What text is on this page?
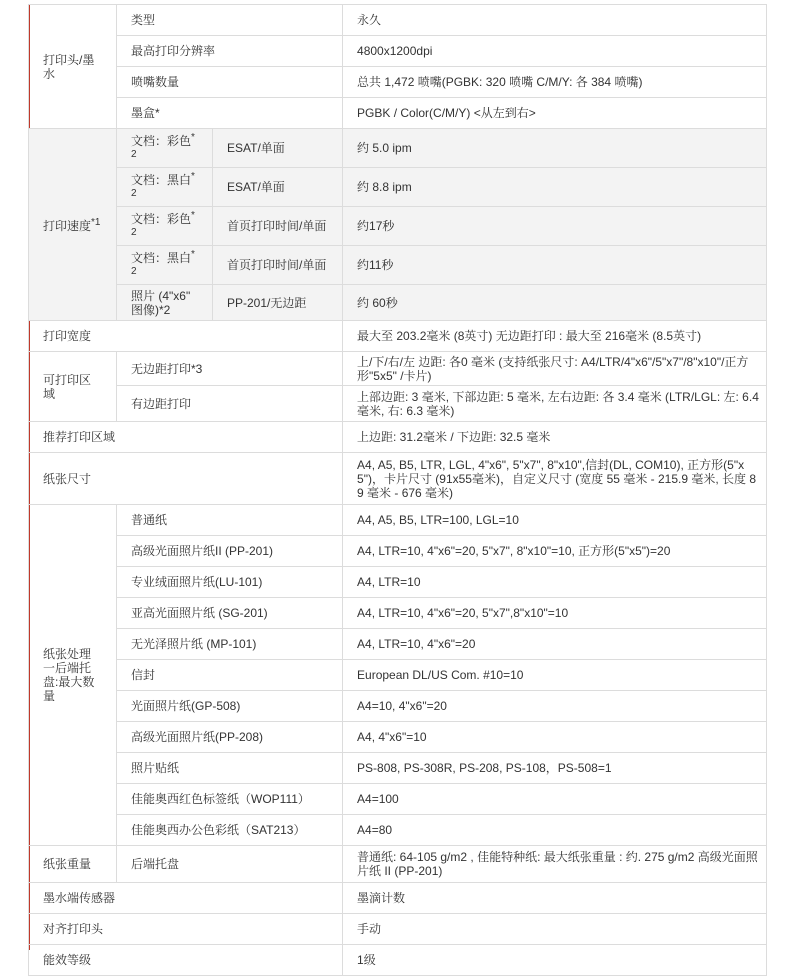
打印头/墨水	类型		永久
	最高打印分辨率		4800x1200dpi
	喷嘴数量		总共 1,472 喷嘴(PGBK: 320 喷嘴 C/M/Y: 各 384 喷嘴)
	墨盒*		PGBK / Color(C/M/Y) <从左到右>
打印速度$^{*1}$	文档：彩色$^{*2}$	ESAT/单面	约 5.0 ipm
	文档：黑白$^{*2}$	ESAT/单面	约 8.8 ipm
	文档：彩色$^{*2}$	首页打印时间/单面	约17秒
	文档：黑白$^{*2}$	首页打印时间/单面	约11秒
	照片 (4"x6" 图像)*2	PP-201/无边距	约 60秒
打印宽度			最大至 203.2毫米 (8英寸) 无边距打印 : 最大至 216毫米 (8.5英寸)
可打印区域	无边距打印*3		上/下/右/左 边距: 各0 毫米 (支持纸张尺寸: A4/LTR/4"x6"/5"x7"/8"x10"/正方形"5x5" /卡片)
	有边距打印		上部边距: 3 毫米, 下部边距: 5 毫米, 左右边距: 各 3.4 毫米 (LTR/LGL: 左: 6.4 毫米, 右: 6.3 毫米)
推荐打印区域			上边距: 31.2毫米 / 下边距: 32.5 毫米
纸张尺寸			A4, A5, B5, LTR, LGL, 4"x6", 5"x7", 8"x10",信封(DL, COM10), 正方形(5"x5")，卡片尺寸 (91x55毫米)，自定义尺寸 (宽度 55 毫米 - 215.9 毫米, 长度 89 毫米 - 676 毫米)
纸张处理一后端托盘:最大数量	普通纸		A4, A5, B5, LTR=100, LGL=10
	高级光面照片纸II (PP-201)		A4, LTR=10, 4"x6"=20, 5"x7", 8"x10"=10, 正方形(5"x5")=20
	专业绒面照片纸(LU-101)		A4, LTR=10
	亚高光面照片纸 (SG-201)		A4, LTR=10, 4"x6"=20, 5"x7",8"x10"=10
	无光泽照片纸 (MP-101)		A4, LTR=10, 4"x6"=20
	信封		European DL/US Com. #10=10
	光面照片纸(GP-508)		A4=10, 4"x6"=20
	高级光面照片纸(PP-208)		A4, 4"x6"=10
	照片贴纸		PS-808, PS-308R, PS-208, PS-108，PS-508=1
	佳能奥西红色标签纸（WOP111）		A4=100
	佳能奥西办公色彩纸（SAT213）		A4=80
纸张重量	后端托盘		普通纸: 64-105 g/m2 , 佳能特种纸: 最大纸张重量 : 约. 275 g/m2 高级光面照片纸 II (PP-201)
墨水端传感器			墨滴计数
对齐打印头			手动
能效等级			1级
